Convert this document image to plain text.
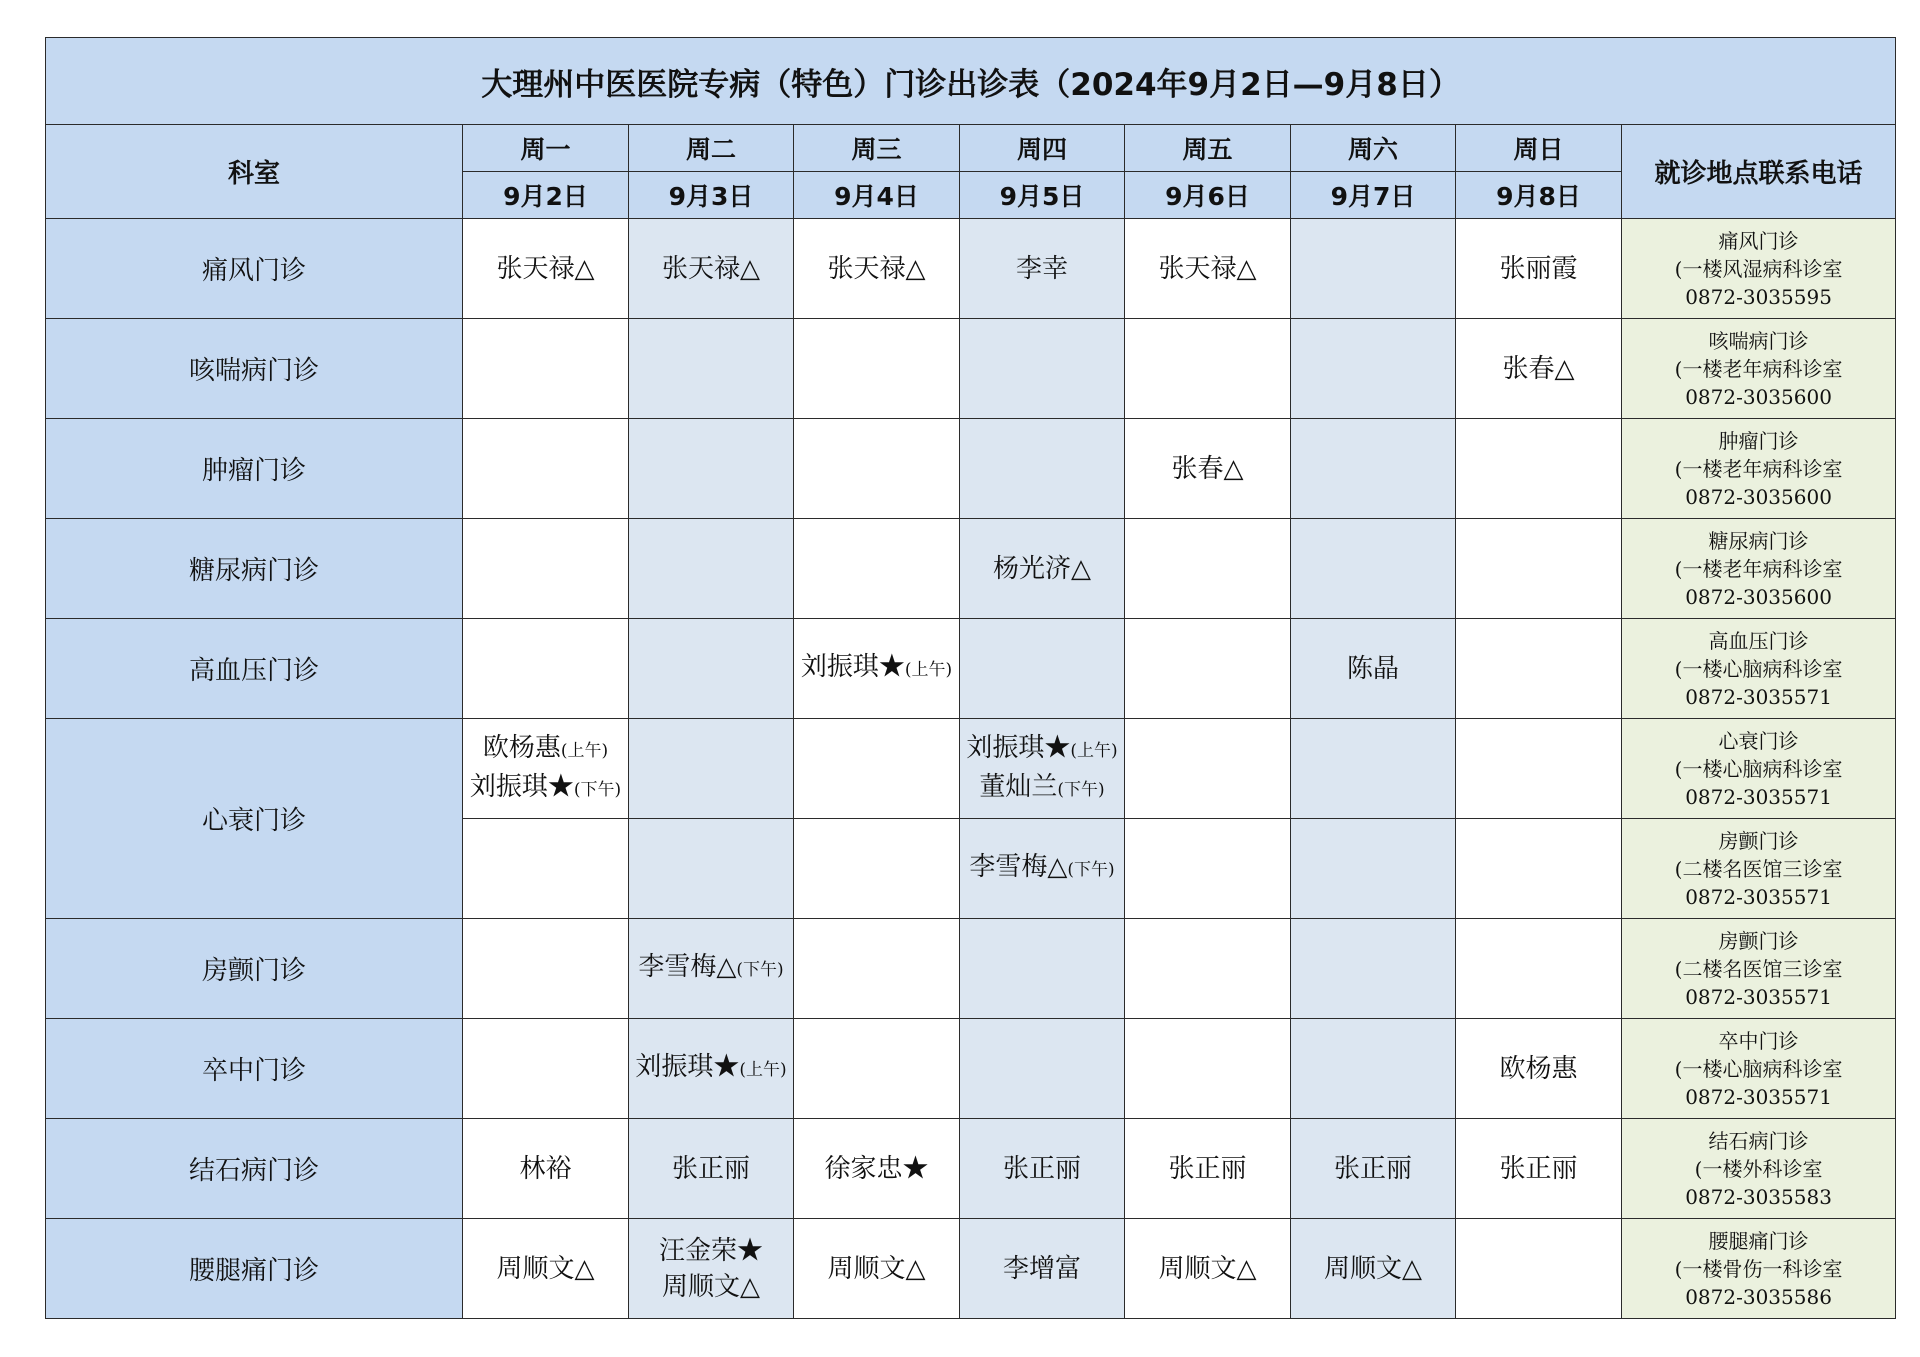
大理州中医医院专病（特色）门诊出诊表（2024年9月2日—9月8日）								
科室	周一	周二	周三	周四	周五	周六	周日	就诊地点联系电话
	9月2日	9月3日	9月4日	9月5日	9月6日	9月7日	9月8日	
痛风门诊	张天禄△	张天禄△	张天禄△	李幸	张天禄△		张丽霞	痛风门诊
(一楼风湿病科诊室
0872-3035595

咳喘病门诊							张春△	咳喘病门诊
(一楼老年病科诊室
0872-3035600

肿瘤门诊					张春△			肿瘤门诊
(一楼老年病科诊室
0872-3035600

糖尿病门诊				杨光济△				糖尿病门诊
(一楼老年病科诊室
0872-3035600

高血压门诊			刘振琪★(上午)			陈晶		高血压门诊
(一楼心脑病科诊室
0872-3035571

心衰门诊	欧杨惠(上午)
刘振琪★(下午)			刘振琪★(上午)
董灿兰(下午)				心衰门诊
(一楼心脑病科诊室
0872-3035571

				李雪梅△(下午)				房颤门诊
(二楼名医馆三诊室
0872-3035571

房颤门诊		李雪梅△(下午)						房颤门诊
(二楼名医馆三诊室
0872-3035571

卒中门诊		刘振琪★(上午)					欧杨惠	卒中门诊
(一楼心脑病科诊室
0872-3035571

结石病门诊	林裕	张正丽	徐家忠★	张正丽	张正丽	张正丽	张正丽	结石病门诊
(一楼外科诊室
0872-3035583

腰腿痛门诊	周顺文△	汪金荣★
周顺文△	周顺文△	李增富	周顺文△	周顺文△		腰腿痛门诊
(一楼骨伤一科诊室
0872-3035586
